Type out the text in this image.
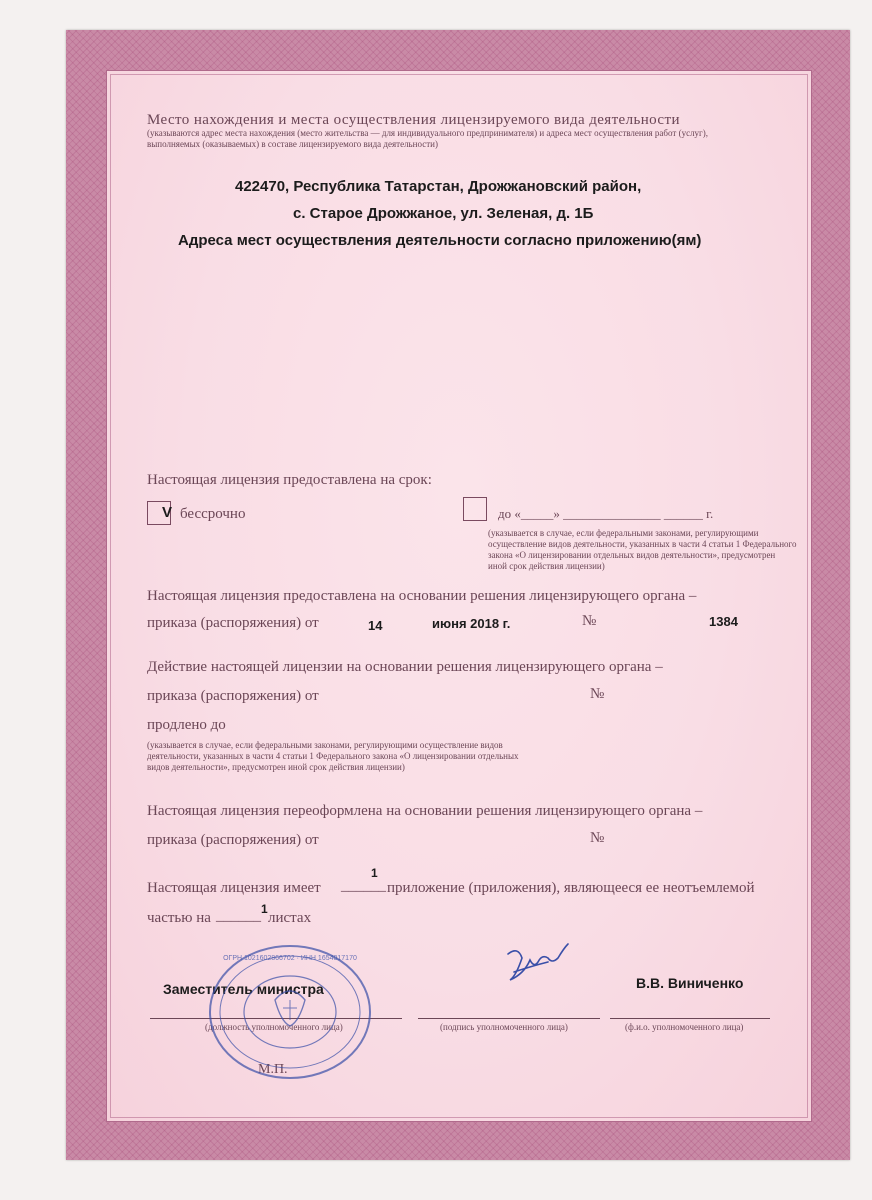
Место нахождения и места осуществления лицензируемого вида деятельности
(указываются адрес места нахождения (место жительства — для индивидуального предпринимателя) и адреса мест осуществления работ (услуг),
выполняемых (оказываемых) в составе лицензируемого вида деятельности)
422470, Республика Татарстан, Дрожжановский район,
с. Старое Дрожжаное, ул. Зеленая, д. 1Б
Адреса мест осуществления деятельности согласно приложению(ям)
Настоящая лицензия предоставлена на срок:
V бессрочно	до «_____» _______________ ______ г.
(указывается в случае, если федеральными законами, регулирующими
осуществление видов деятельности, указанных в части 4 статьи 1 Федерального
закона «О лицензировании отдельных видов деятельности», предусмотрен
иной срок действия лицензии)
Настоящая лицензия предоставлена на основании решения лицензирующего органа –
приказа (распоряжения) от	14	июня 2018 г.	№	1384
Действие настоящей лицензии на основании решения лицензирующего органа –
приказа (распоряжения) от	№
продлено до
(указывается в случае, если федеральными законами, регулирующими осуществление видов
деятельности, указанных в части 4 статьи 1 Федерального закона «О лицензировании отдельных
видов деятельности», предусмотрен иной срок действия лицензии)
Настоящая лицензия переоформлена на основании решения лицензирующего органа –
приказа (распоряжения) от	№
1
Настоящая лицензия имеет ______ приложение (приложения), являющееся ее неотъемлемой
частью на ______ 1
листах
Заместитель министра	В.В. Виниченко
(должность уполномоченного лица)	(подпись уполномоченного лица)	(ф.и.о. уполномоченного лица)
М.П.
ОГРН 1021602866702 · ИНН 1654017170
